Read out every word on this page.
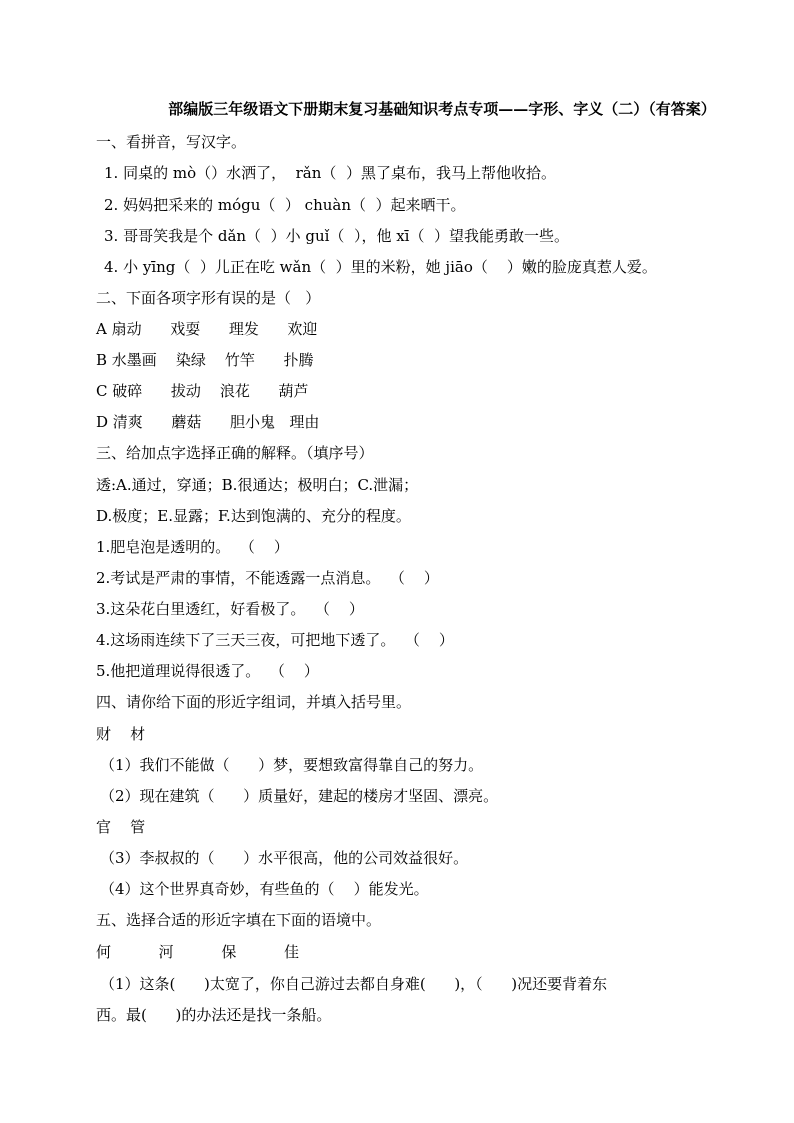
部编版三年级语文下册期末复习基础知识考点专项——字形、字义（二）（有答案）
一、看拼音，写汉字。
1. 同桌的 mò（）水洒了，  rǎn（  ）黑了桌布，我马上帮他收拾。
2. 妈妈把采来的 mógu（  ） chuàn（  ）起来晒干。
3. 哥哥笑我是个 dǎn（  ）小 guǐ（  ），他 xī（  ）望我能勇敢一些。
4. 小 yīng（  ）儿正在吃 wǎn（  ）里的米粉，她 jiāo（    ）嫩的脸庞真惹人爱。
二、下面各项字形有误的是（   ）
A 扇动      戏耍      理发      欢迎
B 水墨画    染绿    竹竿      扑腾
C 破碎      拔动    浪花      葫芦
D 清爽      蘑菇      胆小鬼   理由
三、给加点字选择正确的解释。（填序号）
透:A.通过，穿通；B.很通达；极明白；C.泄漏；
D.极度；E.显露；F.达到饱满的、充分的程度。
1.肥皂泡是透明的。  （    ）
2.考试是严肃的事情，不能透露一点消息。  （    ）
3.这朵花白里透红，好看极了。  （    ）
4.这场雨连续下了三天三夜，可把地下透了。  （    ）
5.他把道理说得很透了。  （    ）
四、请你给下面的形近字组词，并填入括号里。
财    材
（1）我们不能做（      ）梦，要想致富得靠自己的努力。
（2）现在建筑（      ）质量好，建起的楼房才坚固、漂亮。
官    管
（3）李叔叔的（      ）水平很高，他的公司效益很好。
（4）这个世界真奇妙，有些鱼的（    ）能发光。
五、选择合适的形近字填在下面的语境中。
何          河          保          佳
（1）这条(      )太宽了，你自己游过去都自身难(      )，（      )况还要背着东
西。最(      )的办法还是找一条船。
